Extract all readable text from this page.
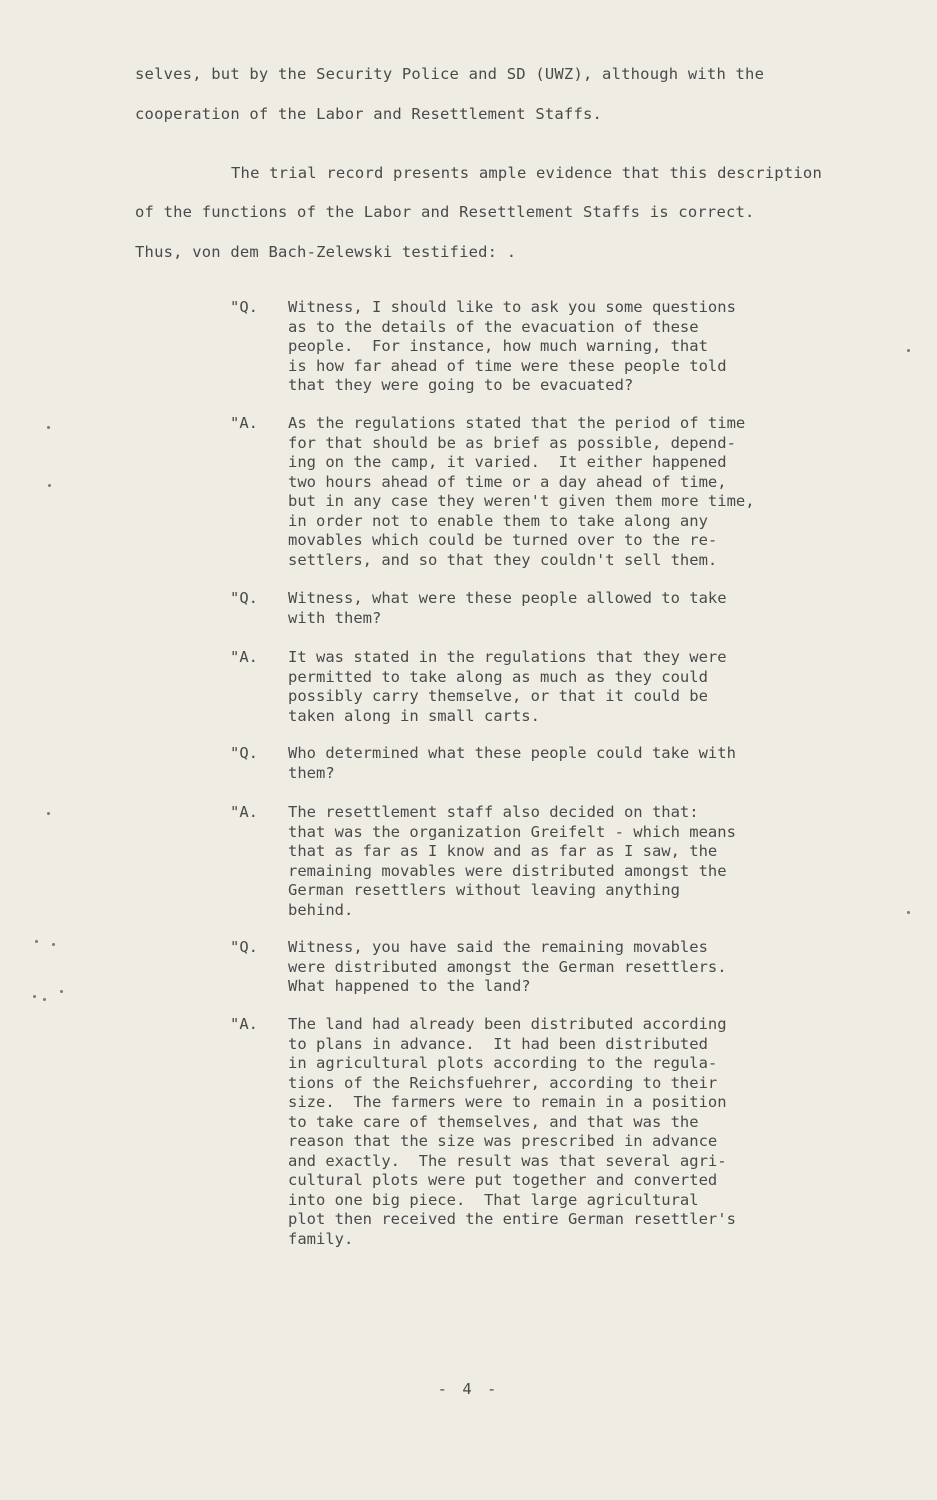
selves, but by the Security Police and SD (UWZ), although with the

cooperation of the Labor and Resettlement Staffs.

The trial record presents ample evidence that this description

of the functions of the Labor and Resettlement Staffs is correct.

Thus, von dem Bach-Zelewski testified: .

"Q. Witness, I should like to ask you some questions
as to the details of the evacuation of these
people.  For instance, how much warning, that
is how far ahead of time were these people told
that they were going to be evacuated?

"A. As the regulations stated that the period of time
for that should be as brief as possible, depend-
ing on the camp, it varied.  It either happened
two hours ahead of time or a day ahead of time,
but in any case they weren't given them more time,
in order not to enable them to take along any
movables which could be turned over to the re-
settlers, and so that they couldn't sell them.

"Q. Witness, what were these people allowed to take
with them?

"A. It was stated in the regulations that they were
permitted to take along as much as they could
possibly carry themselve, or that it could be
taken along in small carts.

"Q. Who determined what these people could take with
them?

"A. The resettlement staff also decided on that:
that was the organization Greifelt - which means
that as far as I know and as far as I saw, the
remaining movables were distributed amongst the
German resettlers without leaving anything
behind.

"Q. Witness, you have said the remaining movables
were distributed amongst the German resettlers.
What happened to the land?

"A. The land had already been distributed according
to plans in advance.  It had been distributed
in agricultural plots according to the regula-
tions of the Reichsfuehrer, according to their
size.  The farmers were to remain in a position
to take care of themselves, and that was the
reason that the size was prescribed in advance
and exactly.  The result was that several agri-
cultural plots were put together and converted
into one big piece.  That large agricultural
plot then received the entire German resettler's
family.

- 4 -
